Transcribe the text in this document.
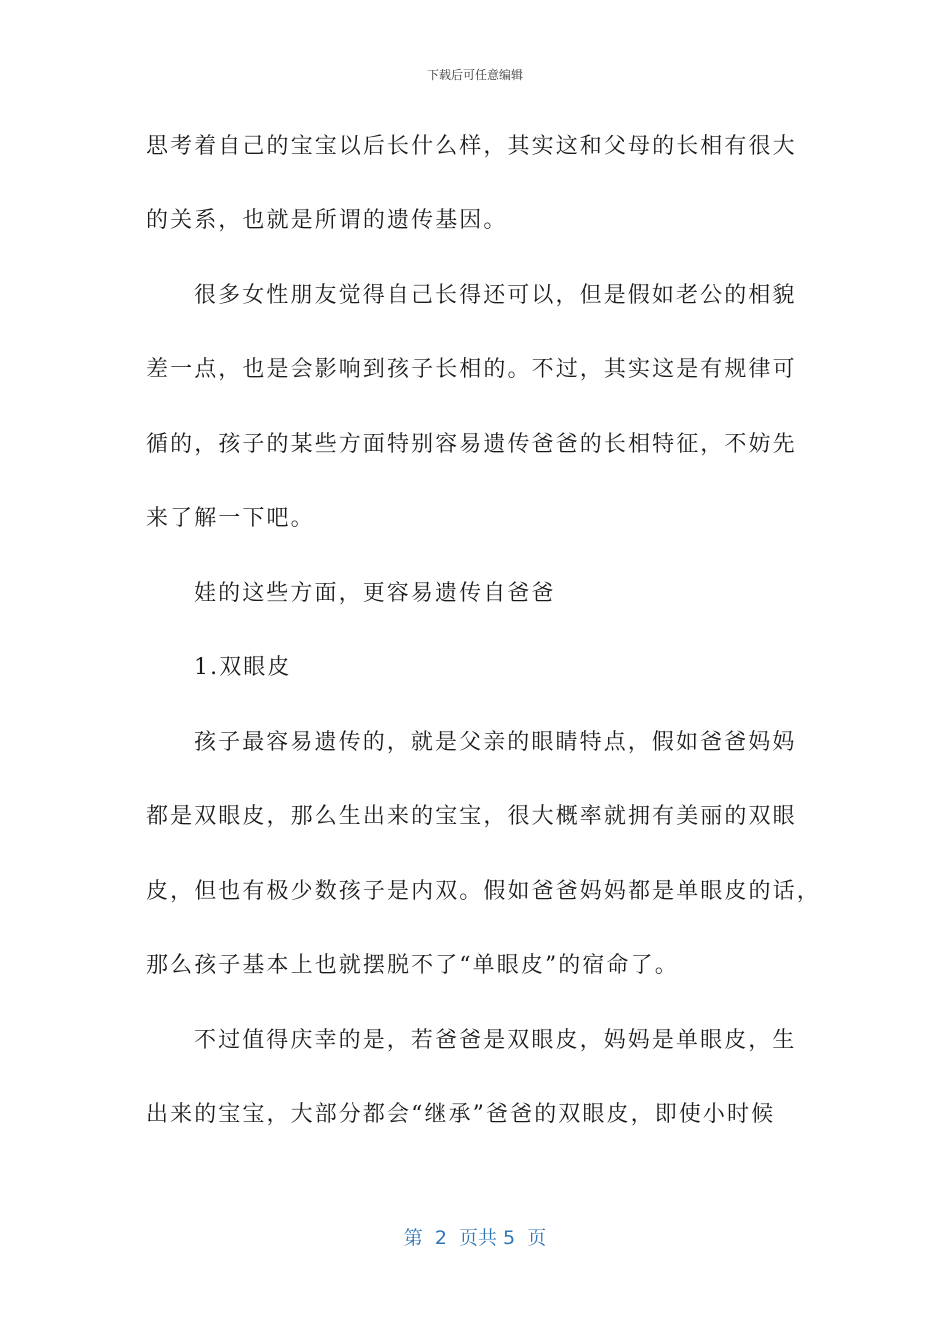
下载后可任意编辑
思考着自己的宝宝以后长什么样，其实这和父母的长相有很大
的关系，也就是所谓的遗传基因。
很多女性朋友觉得自己长得还可以，但是假如老公的相貌
差一点，也是会影响到孩子长相的。不过，其实这是有规律可
循的，孩子的某些方面特别容易遗传爸爸的长相特征，不妨先
来了解一下吧。
娃的这些方面，更容易遗传自爸爸
1.双眼皮
孩子最容易遗传的，就是父亲的眼睛特点，假如爸爸妈妈
都是双眼皮，那么生出来的宝宝，很大概率就拥有美丽的双眼
皮，但也有极少数孩子是内双。假如爸爸妈妈都是单眼皮的话，
那么孩子基本上也就摆脱不了“单眼皮”的宿命了。
不过值得庆幸的是，若爸爸是双眼皮，妈妈是单眼皮，生
出来的宝宝，大部分都会“继承”爸爸的双眼皮，即使小时候
第  2  页共 5  页
